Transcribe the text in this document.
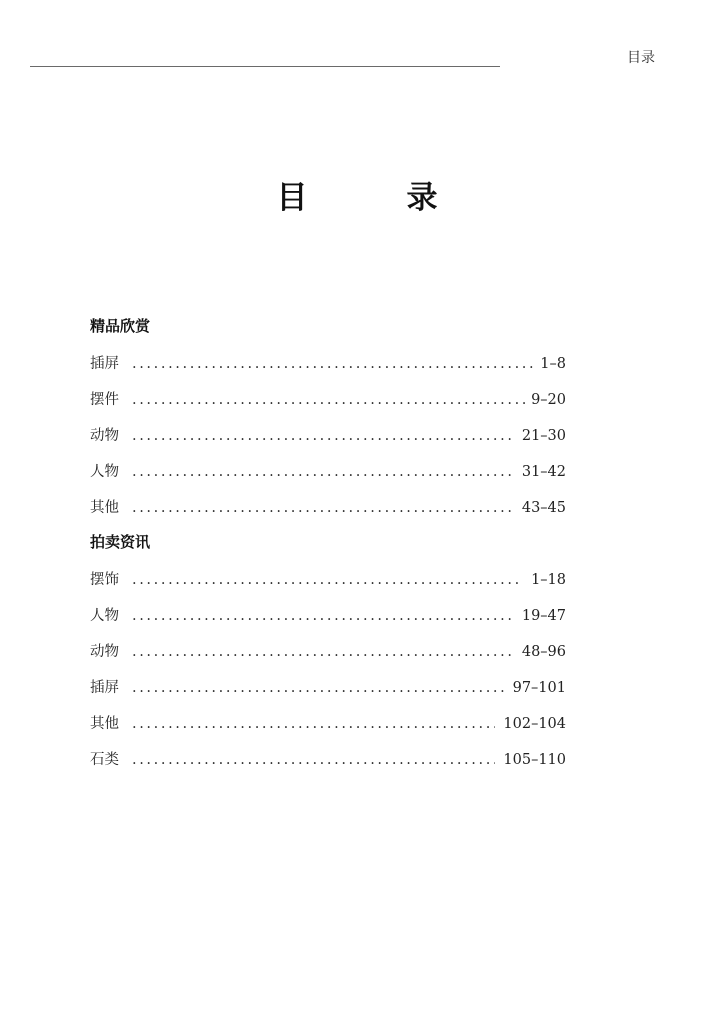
目录
目　录
精品欣赏
插屏 . . .	1–8
摆件 . . .	9–20
动物 . . .	21–30
人物 . . .	31–42
其他 . . .	43–45
拍卖资讯
摆饰 . . .	1–18
人物 . . .	19–47
动物 . . .	48–96
插屏 . . .	97–101
其他 . . .	102–104
石类 . . .	105–110
